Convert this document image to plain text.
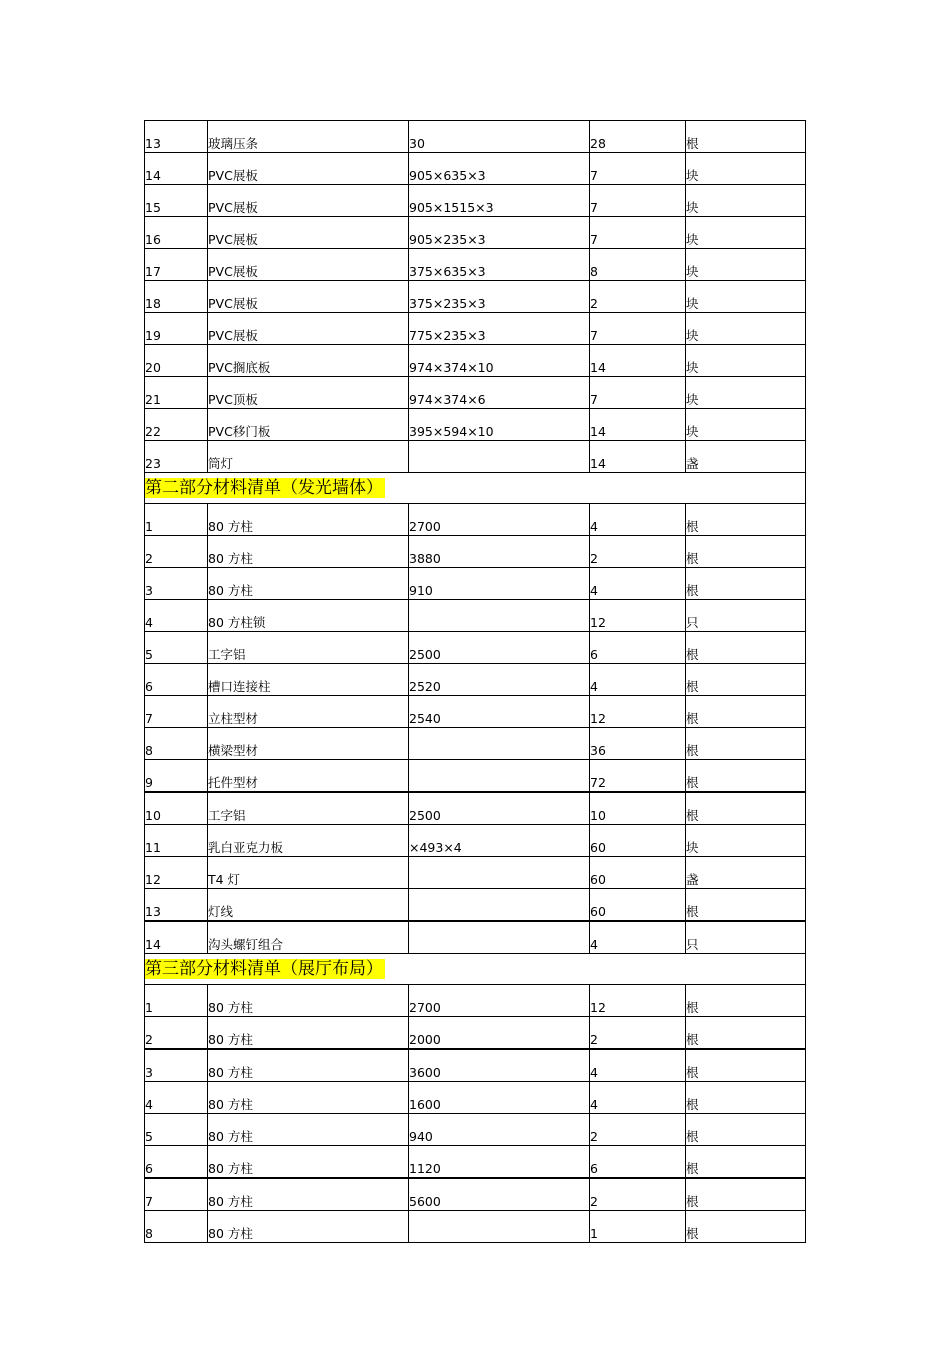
13	玻璃压条	30	28	根
14	PVC展板	905×635×3	7	块
15	PVC展板	905×1515×3	7	块
16	PVC展板	905×235×3	7	块
17	PVC展板	375×635×3	8	块
18	PVC展板	375×235×3	2	块
19	PVC展板	775×235×3	7	块
20	PVC搁底板	974×374×10	14	块
21	PVC顶板	974×374×6	7	块
22	PVC移门板	395×594×10	14	块
23	筒灯		14	盏
第二部分材料清单（发光墙体）				
1	80 方柱	2700	4	根
2	80 方柱	3880	2	根
3	80 方柱	910	4	根
4	80 方柱锁		12	只
5	工字铝	2500	6	根
6	槽口连接柱	2520	4	根
7	立柱型材	2540	12	根
8	横梁型材		36	根
9	托件型材		72	根
10	工字铝	2500	10	根
11	乳白亚克力板	×493×4	60	块
12	T4 灯		60	盏
13	灯线		60	根
14	沟头螺钉组合		4	只
第三部分材料清单（展厅布局）				
1	80 方柱	2700	12	根
2	80 方柱	2000	2	根
3	80 方柱	3600	4	根
4	80 方柱	1600	4	根
5	80 方柱	940	2	根
6	80 方柱	1120	6	根
7	80 方柱	5600	2	根
8	80 方柱		1	根
